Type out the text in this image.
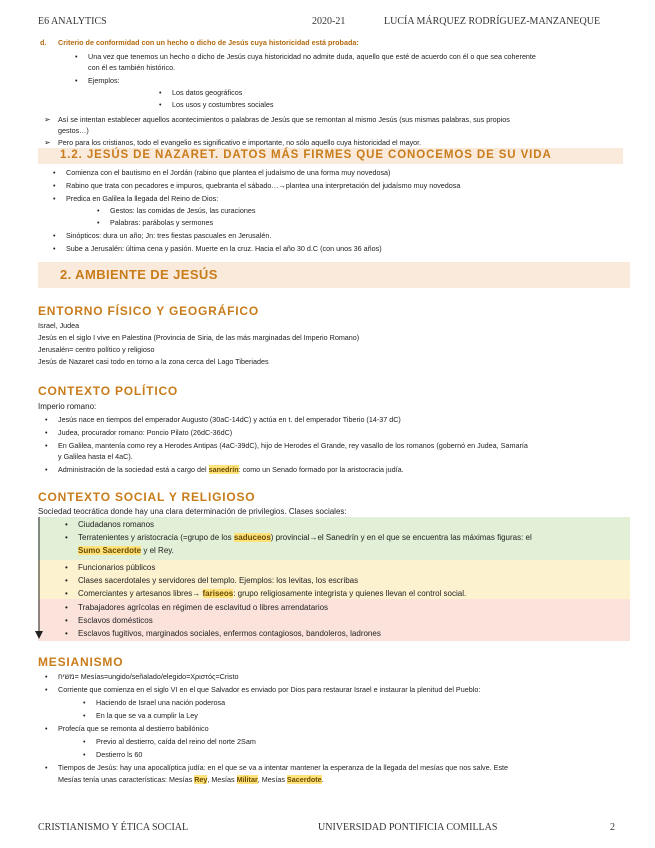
E6 ANALYTICS	2020-21	LUCÍA MÁRQUEZ RODRÍGUEZ-MANZANEQUE
d. Criterio de conformidad con un hecho o dicho de Jesús cuya historicidad está probada:
• Una vez que tenemos un hecho o dicho de Jesús cuya historicidad no admite duda, aquello que esté de acuerdo con él o que sea coherente
con él es también histórico.
• Ejemplos:
• Los datos geográficos
• Los usos y costumbres sociales
➢ Así se intentan establecer aquellos acontecimientos o palabras de Jesús que se remontan al mismo Jesús (sus mismas palabras, sus propios
gestos…)
➢ Pero para los cristianos, todo el evangelio es significativo e importante, no sólo aquello cuya historicidad el mayor.
1.2. JESÚS DE NAZARET. DATOS MÁS FIRMES QUE CONOCEMOS DE SU VIDA
• Comienza con el bautismo en el Jordán (rabino que plantea el judaísmo de una forma muy novedosa)
• Rabino que trata con pecadores e impuros, quebranta el sábado…→plantea una interpretación del judaísmo muy novedosa
• Predica en Galilea la llegada del Reino de Dios:
• Gestos: las comidas de Jesús, las curaciones
• Palabras: parábolas y sermones
• Sinópticos: dura un año; Jn: tres fiestas pascuales en Jerusalén.
• Sube a Jerusalén: última cena y pasión. Muerte en la cruz. Hacia el año 30 d.C (con unos 36 años)
2. AMBIENTE DE JESÚS
ENTORNO FÍSICO Y GEOGRÁFICO
Israel, Judea
Jesús en el siglo I vive en Palestina (Provincia de Siria, de las más marginadas del Imperio Romano)
Jerusalén= centro político y religioso
Jesús de Nazaret casi todo en torno a la zona cerca del Lago Tiberiades
CONTEXTO POLÍTICO
Imperio romano:
• Jesús nace en tiempos del emperador Augusto (30aC-14dC) y actúa en t. del emperador Tiberio (14-37 dC)
• Judea, procurador romano: Poncio Pilato (26dC-36dC)
• En Galilea, mantenía como rey a Herodes Antipas (4aC-39dC), hijo de Herodes el Grande, rey vasallo de los romanos (gobernó en Judea, Samaría
y Galilea hasta el 4aC).
• Administración de la sociedad está a cargo del sanedrín: como un Senado formado por la aristocracia judía.
CONTEXTO SOCIAL Y RELIGIOSO
Sociedad teocrática donde hay una clara determinación de privilegios. Clases sociales:
• Ciudadanos romanos
• Terratenientes y aristocracia (=grupo de los saduceos) provincial→el Sanedrín y en el que se encuentra las máximas figuras: el
Sumo Sacerdote y el Rey.
• Funcionarios públicos
• Clases sacerdotales y servidores del templo. Ejemplos: los levitas, los escribas
• Comerciantes y artesanos libres→ fariseos: grupo religiosamente integrista y quienes llevan el control social.
• Trabajadores agrícolas en régimen de esclavitud o libres arrendatarios
• Esclavos domésticos
• Esclavos fugitivos, marginados sociales, enfermos contagiosos, bandoleros, ladrones
MESIANISMO
• משיח= Mesías=ungido/señalado/elegido=Χριστός=Cristo
• Corriente que comienza en el siglo VI en el que Salvador es enviado por Dios para restaurar Israel e instaurar la plenitud del Pueblo:
• Haciendo de Israel una nación poderosa
• En la que se va a cumplir la Ley
• Profecía que se remonta al destierro babilónico
• Previo al destierro, caída del reino del norte 2Sam
• Destierro ls 60
• Tiempos de Jesús: hay una apocalíptica judía: en el que se va a intentar mantener la esperanza de la llegada del mesías que nos salve. Este
Mesías tenía unas características: Mesías Rey, Mesías Militar, Mesías Sacerdote.
CRISTIANISMO Y ÉTICA SOCIAL	UNIVERSIDAD PONTIFICIA COMILLAS	2
